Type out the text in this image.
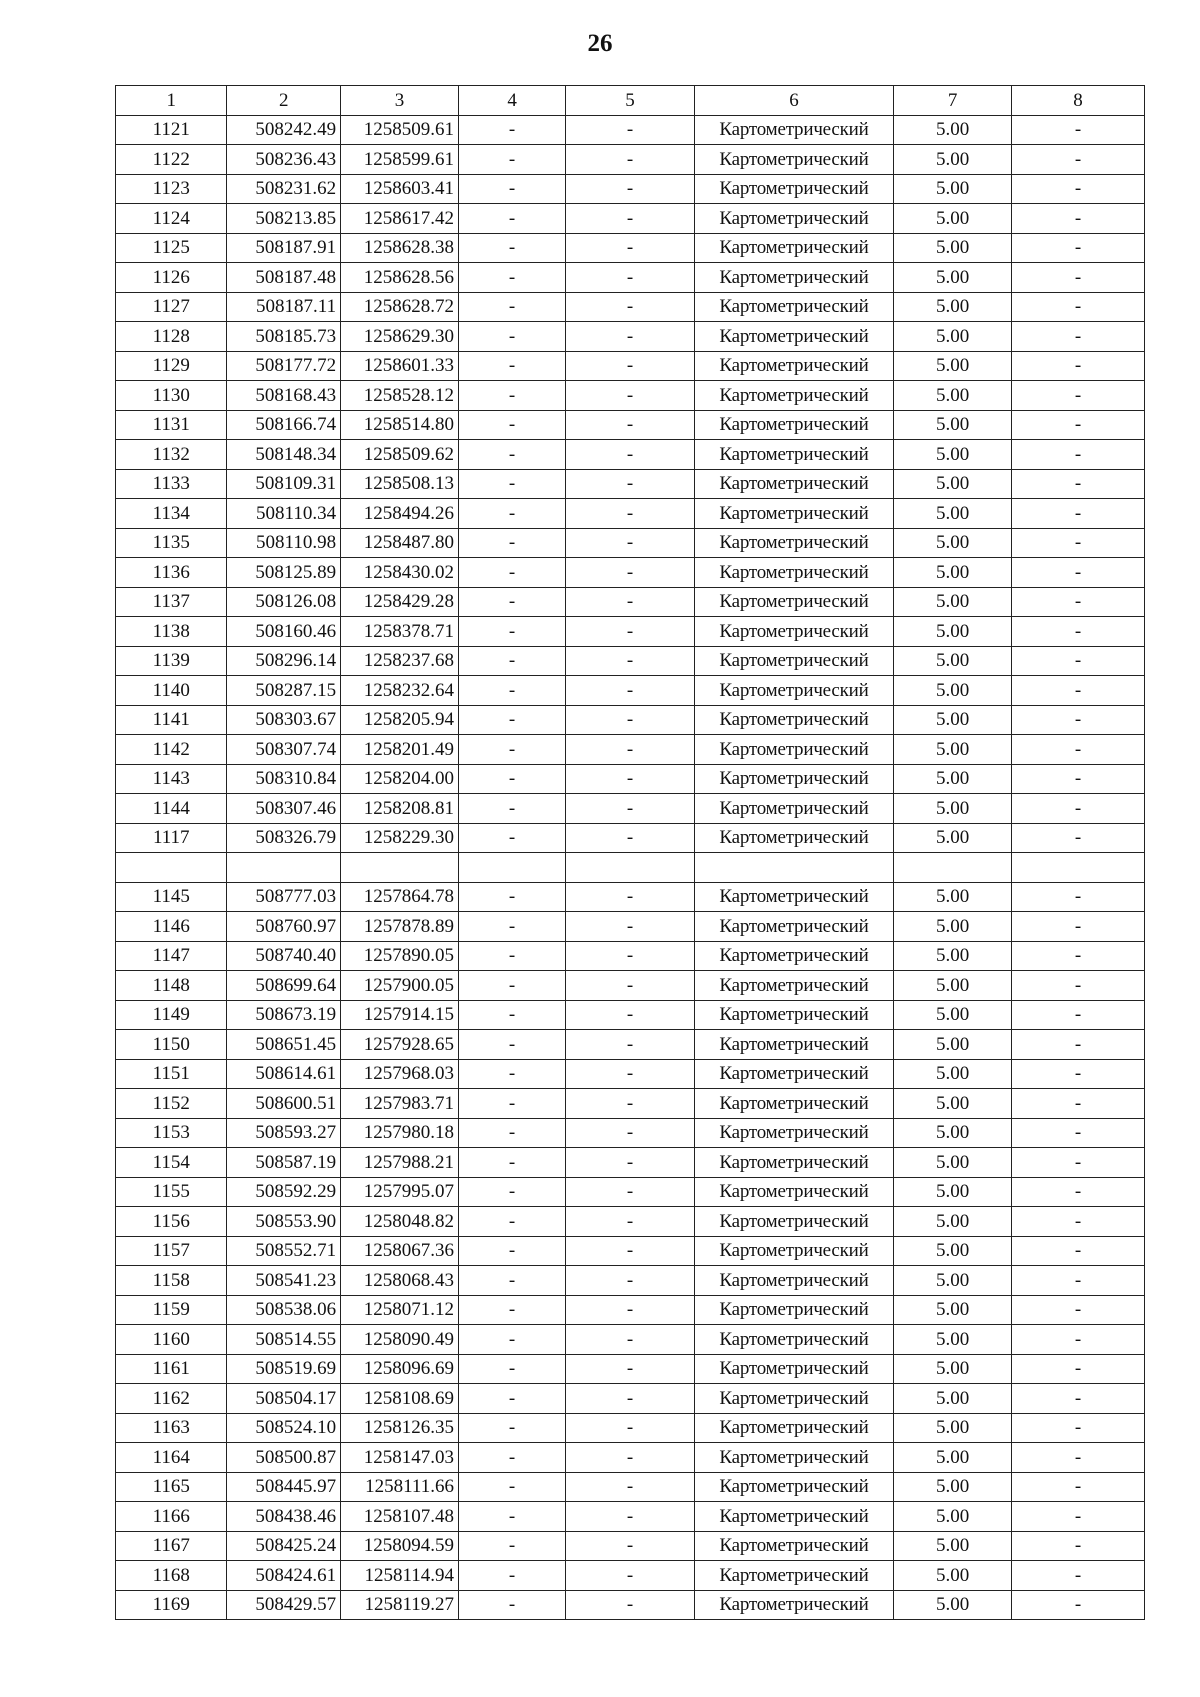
26
1	2	3	4	5	6	7	8
1121	508242.49	1258509.61	-	-	Картометрический	5.00	-
1122	508236.43	1258599.61	-	-	Картометрический	5.00	-
1123	508231.62	1258603.41	-	-	Картометрический	5.00	-
1124	508213.85	1258617.42	-	-	Картометрический	5.00	-
1125	508187.91	1258628.38	-	-	Картометрический	5.00	-
1126	508187.48	1258628.56	-	-	Картометрический	5.00	-
1127	508187.11	1258628.72	-	-	Картометрический	5.00	-
1128	508185.73	1258629.30	-	-	Картометрический	5.00	-
1129	508177.72	1258601.33	-	-	Картометрический	5.00	-
1130	508168.43	1258528.12	-	-	Картометрический	5.00	-
1131	508166.74	1258514.80	-	-	Картометрический	5.00	-
1132	508148.34	1258509.62	-	-	Картометрический	5.00	-
1133	508109.31	1258508.13	-	-	Картометрический	5.00	-
1134	508110.34	1258494.26	-	-	Картометрический	5.00	-
1135	508110.98	1258487.80	-	-	Картометрический	5.00	-
1136	508125.89	1258430.02	-	-	Картометрический	5.00	-
1137	508126.08	1258429.28	-	-	Картометрический	5.00	-
1138	508160.46	1258378.71	-	-	Картометрический	5.00	-
1139	508296.14	1258237.68	-	-	Картометрический	5.00	-
1140	508287.15	1258232.64	-	-	Картометрический	5.00	-
1141	508303.67	1258205.94	-	-	Картометрический	5.00	-
1142	508307.74	1258201.49	-	-	Картометрический	5.00	-
1143	508310.84	1258204.00	-	-	Картометрический	5.00	-
1144	508307.46	1258208.81	-	-	Картометрический	5.00	-
1117	508326.79	1258229.30	-	-	Картометрический	5.00	-

1145	508777.03	1257864.78	-	-	Картометрический	5.00	-
1146	508760.97	1257878.89	-	-	Картометрический	5.00	-
1147	508740.40	1257890.05	-	-	Картометрический	5.00	-
1148	508699.64	1257900.05	-	-	Картометрический	5.00	-
1149	508673.19	1257914.15	-	-	Картометрический	5.00	-
1150	508651.45	1257928.65	-	-	Картометрический	5.00	-
1151	508614.61	1257968.03	-	-	Картометрический	5.00	-
1152	508600.51	1257983.71	-	-	Картометрический	5.00	-
1153	508593.27	1257980.18	-	-	Картометрический	5.00	-
1154	508587.19	1257988.21	-	-	Картометрический	5.00	-
1155	508592.29	1257995.07	-	-	Картометрический	5.00	-
1156	508553.90	1258048.82	-	-	Картометрический	5.00	-
1157	508552.71	1258067.36	-	-	Картометрический	5.00	-
1158	508541.23	1258068.43	-	-	Картометрический	5.00	-
1159	508538.06	1258071.12	-	-	Картометрический	5.00	-
1160	508514.55	1258090.49	-	-	Картометрический	5.00	-
1161	508519.69	1258096.69	-	-	Картометрический	5.00	-
1162	508504.17	1258108.69	-	-	Картометрический	5.00	-
1163	508524.10	1258126.35	-	-	Картометрический	5.00	-
1164	508500.87	1258147.03	-	-	Картометрический	5.00	-
1165	508445.97	1258111.66	-	-	Картометрический	5.00	-
1166	508438.46	1258107.48	-	-	Картометрический	5.00	-
1167	508425.24	1258094.59	-	-	Картометрический	5.00	-
1168	508424.61	1258114.94	-	-	Картометрический	5.00	-
1169	508429.57	1258119.27	-	-	Картометрический	5.00	-
